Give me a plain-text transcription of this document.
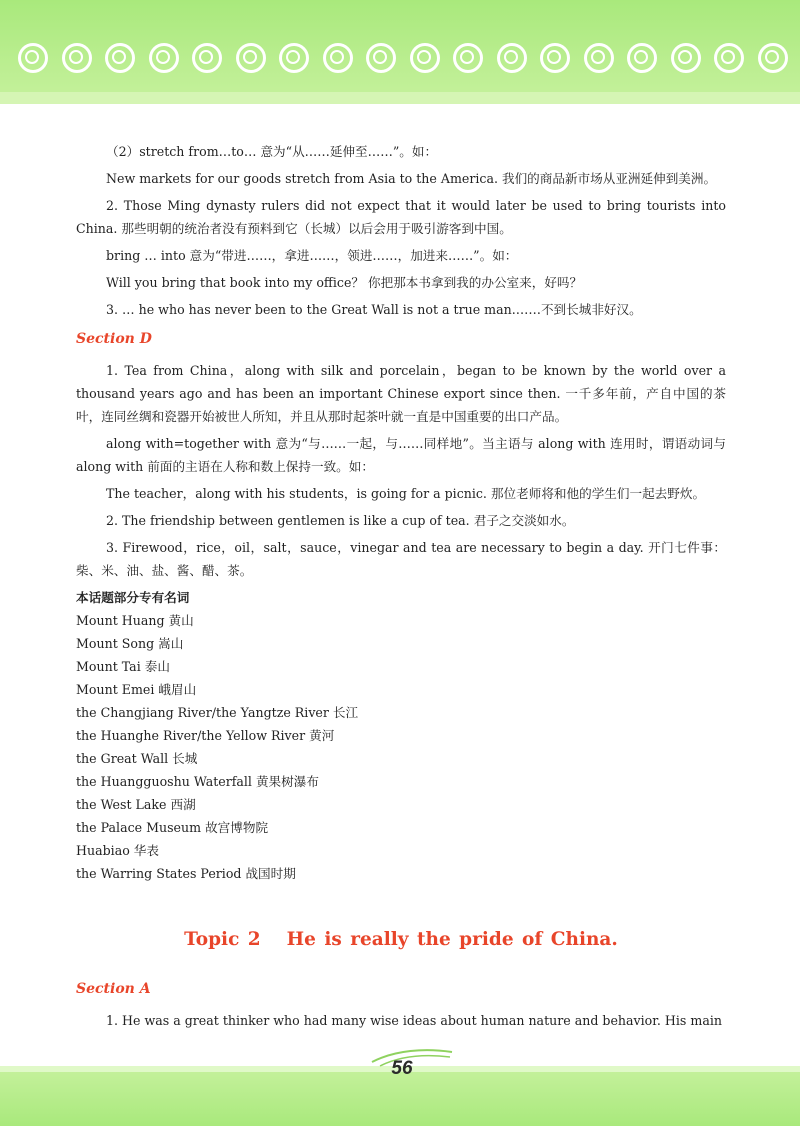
（2）stretch from…to… 意为“从……延伸至……”。如：

New markets for our goods stretch from Asia to the America. 我们的商品新市场从亚洲延伸到美洲。

2. Those Ming dynasty rulers did not expect that it would later be used to bring tourists into China. 那些明朝的统治者没有预料到它（长城）以后会用于吸引游客到中国。

bring … into 意为“带进……，拿进……，领进……，加进来……”。如：

Will you bring that book into my office？ 你把那本书拿到我的办公室来，好吗？

3. … he who has never been to the Great Wall is not a true man.……不到长城非好汉。

Section D

1. Tea from China，along with silk and porcelain，began to be known by the world over a thousand years ago and has been an important Chinese export since then. 一千多年前，产自中国的茶叶，连同丝绸和瓷器开始被世人所知，并且从那时起茶叶就一直是中国重要的出口产品。

along with=together with 意为“与……一起，与……同样地”。当主语与 along with 连用时，谓语动词与 along with 前面的主语在人称和数上保持一致。如：

The teacher，along with his students，is going for a picnic. 那位老师将和他的学生们一起去野炊。

2. The friendship between gentlemen is like a cup of tea. 君子之交淡如水。

3. Firewood，rice，oil，salt，sauce，vinegar and tea are necessary to begin a day. 开门七件事：柴、米、油、盐、酱、醋、茶。

本话题部分专有名词

Mount Huang 黄山

Mount Song 嵩山

Mount Tai 泰山

Mount Emei 峨眉山

the Changjiang River/the Yangtze River 长江

the Huanghe River/the Yellow River 黄河

the Great Wall 长城

the Huangguoshu Waterfall 黄果树瀑布

the West Lake 西湖

the Palace Museum 故宫博物院

Huabiao 华表

the Warring States Period 战国时期

Topic 2 He is really the pride of China.
Section A

1. He was a great thinker who had many wise ideas about human nature and behavior. His main

56
